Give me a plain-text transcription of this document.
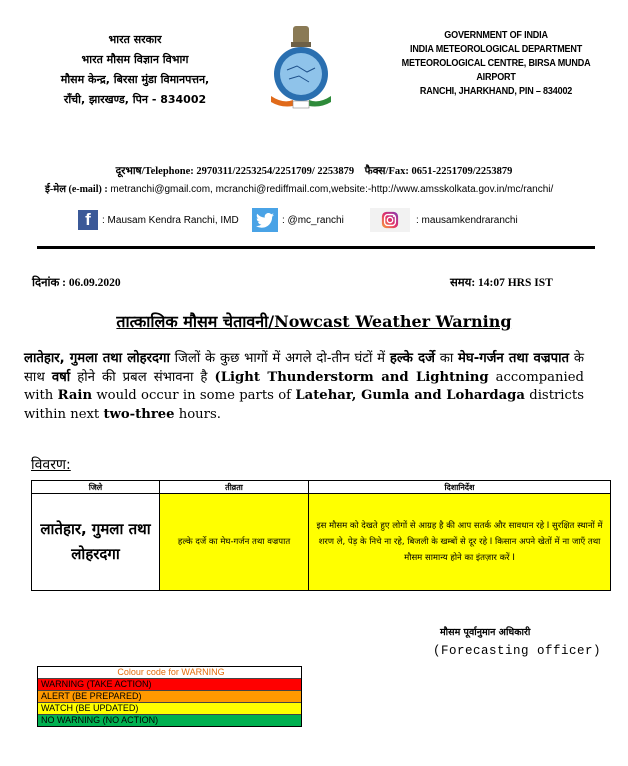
भारत सरकार
भारत मौसम विज्ञान विभाग
मौसम केन्द्र, बिरसा मुंडा विमानपत्तन,
राँची, झारखण्ड, पिन - 834002
GOVERNMENT OF INDIA
INDIA METEOROLOGICAL DEPARTMENT
METEOROLOGICAL CENTRE, BIRSA MUNDA AIRPORT
RANCHI, JHARKHAND, PIN – 834002
दूरभाष/Telephone: 2970311/2253254/2251709/ 2253879 फैक्स/Fax: 0651-2251709/2253879
ई-मेल (e-mail) : metranchi@gmail.com, mcranchi@rediffmail.com,website:-http://www.amsskolkata.gov.in/mc/ranchi/
f	: Mausam Kendra Ranchi, IMD	: @mc_ranchi	: mausamkendraranchi
दिनांक : 06.09.2020	समय: 14:07 HRS IST
तात्कालिक मौसम चेतावनी/Nowcast Weather Warning
लातेहार, गुमला तथा लोहरदगा जिलों के कुछ भागों में अगले दो-तीन घंटों में हल्के दर्जे का मेघ-गर्जन तथा वज्रपात के साथ वर्षा होने की प्रबल संभावना है (Light Thunderstorm and Lightning accompanied with Rain would occur in some parts of Latehar, Gumla and Lohardaga districts within next two-three hours.
विवरण:
जिले	तीव्रता	दिशानिर्देश
लातेहार, गुमला तथा लोहरदगा	हल्के दर्जे का मेघ-गर्जन तथा वज्रपात	इस मौसम को देखते हुए लोगों से आग्रह है की आप सतर्क और सावधान रहे I सुरक्षित स्थानों में शरण ले, पेड़ के निचे ना रहे, बिजली के खम्बों से दूर रहे I किसान अपने खेतों में ना जाएँ तथा मौसम सामान्य होने का इंतज़ार करें I
मौसम पूर्वानुमान अधिकारी
(Forecasting officer)
Colour code for WARNING
WARNING (TAKE ACTION)
ALERT (BE PREPARED)
WATCH (BE UPDATED)
NO WARNING (NO ACTION)
